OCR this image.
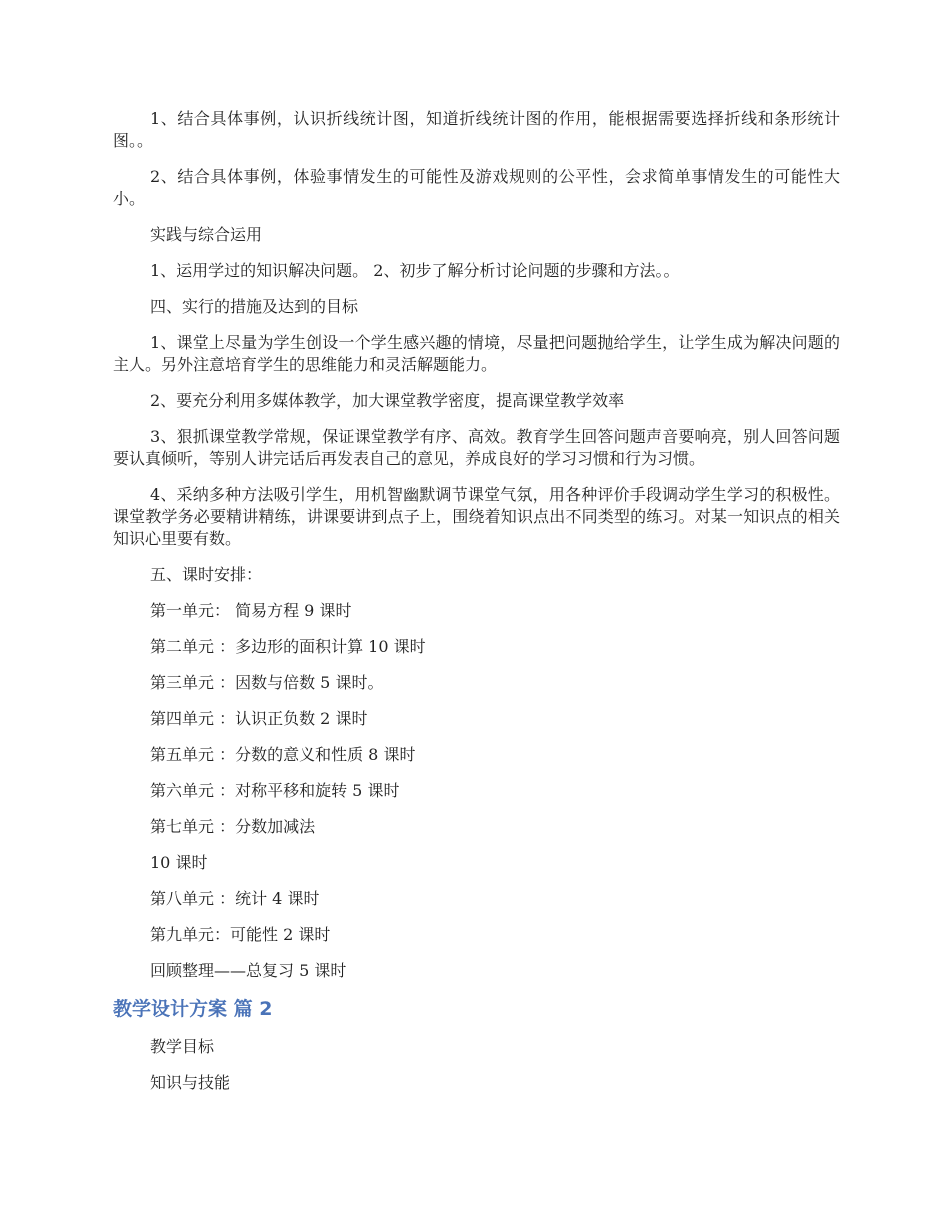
1、结合具体事例，认识折线统计图，知道折线统计图的作用，能根据需要选择折线和条形统计图。。

2、结合具体事例，体验事情发生的可能性及游戏规则的公平性，会求简单事情发生的可能性大小。

实践与综合运用

1、运用学过的知识解决问题。 2、初步了解分析讨论问题的步骤和方法。。

四、实行的措施及达到的目标

1、课堂上尽量为学生创设一个学生感兴趣的情境，尽量把问题抛给学生，让学生成为解决问题的主人。另外注意培育学生的思维能力和灵活解题能力。

2、要充分利用多媒体教学，加大课堂教学密度，提高课堂教学效率

3、狠抓课堂教学常规，保证课堂教学有序、高效。教育学生回答问题声音要响亮，别人回答问题要认真倾听，等别人讲完话后再发表自己的意见，养成良好的学习习惯和行为习惯。

4、采纳多种方法吸引学生，用机智幽默调节课堂气氛，用各种评价手段调动学生学习的积极性。课堂教学务必要精讲精练，讲课要讲到点子上，围绕着知识点出不同类型的练习。对某一知识点的相关知识心里要有数。

五、课时安排：

第一单元： 简易方程 9 课时

第二单元 ：多边形的面积计算 10 课时

第三单元 ：因数与倍数 5 课时。

第四单元 ：认识正负数 2 课时

第五单元 ：分数的意义和性质 8 课时

第六单元 ：对称平移和旋转 5 课时

第七单元 ：分数加减法

10 课时

第八单元 ：统计 4 课时

第九单元：可能性 2 课时

回顾整理——总复习 5 课时

教学设计方案 篇 2

教学目标

知识与技能
